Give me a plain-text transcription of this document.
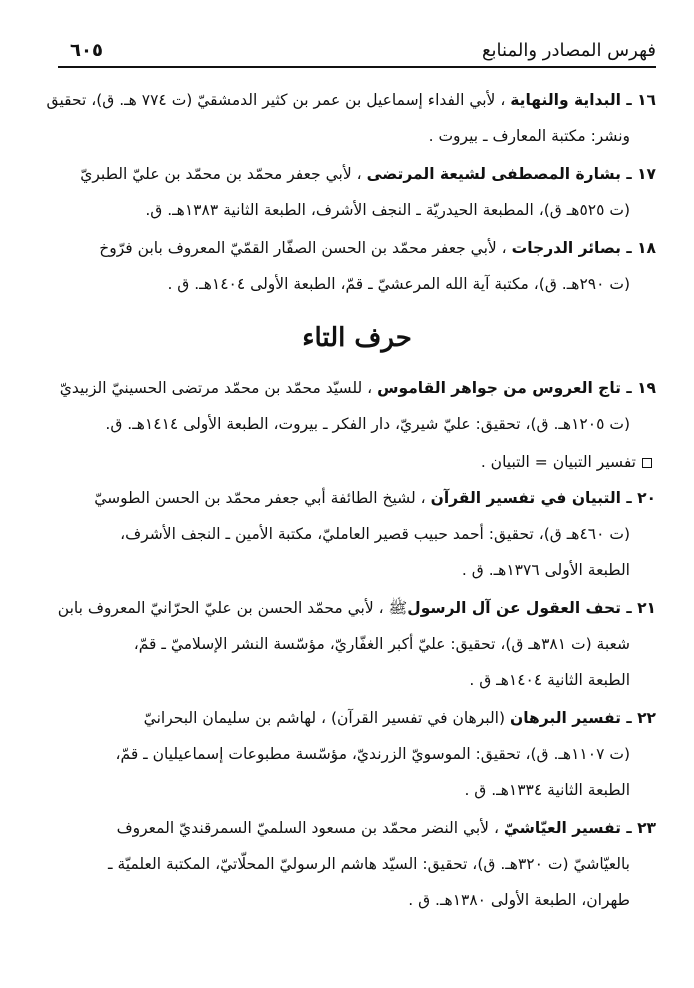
فهرس المصادر والمنابع
٦٠٥
١٦ ـ البداية والنهاية ، لأبي الفداء إسماعيل بن عمر بن كثير الدمشقيّ (ت ٧٧٤ هـ. ق)، تحقيق
ونشر: مكتبة المعارف ـ بيروت .
١٧ ـ بشارة المصطفى لشيعة المرتضى ، لأبي جعفر محمّد بن محمّد بن عليّ الطبريّ
(ت ٥٢٥هـ ق)، المطبعة الحيدريّة ـ النجف الأشرف، الطبعة الثانية ١٣٨٣هـ. ق.
١٨ ـ بصائر الدرجات ، لأبي جعفر محمّد بن الحسن الصفّار القمّيّ المعروف بابن فرّوخ
(ت ٢٩٠هـ. ق)، مكتبة آية الله المرعشيّ ـ قمّ، الطبعة الأولى ١٤٠٤هـ. ق .
حرف التاء
١٩ ـ تاج العروس من جواهر القاموس ، للسيّد محمّد بن محمّد مرتضى الحسينيّ الزبيديّ
(ت ١٢٠٥هـ. ق)، تحقيق: عليّ شيريّ، دار الفكر ـ بيروت، الطبعة الأولى ١٤١٤هـ. ق.
تفسير التبيان = التبيان .
٢٠ ـ التبيان في تفسير القرآن ، لشيخ الطائفة أبي جعفر محمّد بن الحسن الطوسيّ
(ت ٤٦٠هـ ق)، تحقيق: أحمد حبيب قصير العامليّ، مكتبة الأمين ـ النجف الأشرف،
الطبعة الأولى ١٣٧٦هـ. ق .
٢١ ـ تحف العقول عن آل الرسولﷺ ، لأبي محمّد الحسن بن عليّ الحرّانيّ المعروف بابن
شعبة (ت ٣٨١هـ ق)، تحقيق: عليّ أكبر الغفّاريّ، مؤسّسة النشر الإسلاميّ ـ قمّ،
الطبعة الثانية ١٤٠٤هـ ق .
٢٢ ـ تفسير البرهان (البرهان في تفسير القرآن) ، لهاشم بن سليمان البحرانيّ
(ت ١١٠٧هـ. ق)، تحقيق: الموسويّ الزرنديّ، مؤسّسة مطبوعات إسماعيليان ـ قمّ،
الطبعة الثانية ١٣٣٤هـ. ق .
٢٣ ـ تفسير العيّاشيّ ، لأبي النضر محمّد بن مسعود السلميّ السمرقنديّ المعروف
بالعيّاشيّ (ت ٣٢٠هـ. ق)، تحقيق: السيّد هاشم الرسوليّ المحلّاتيّ، المكتبة العلميّة ـ
طهران، الطبعة الأولى ١٣٨٠هـ. ق .
